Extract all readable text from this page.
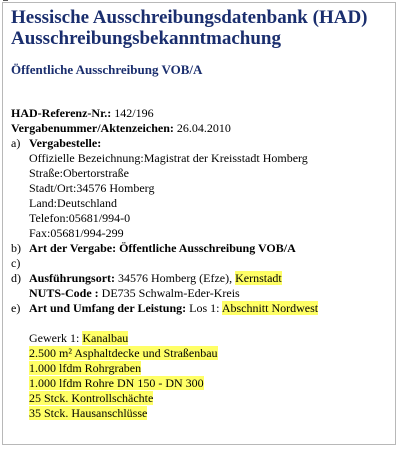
Hessische Ausschreibungsdatenbank (HAD)
Ausschreibungsbekanntmachung
Öffentliche Ausschreibung VOB/A
HAD-Referenz-Nr.: 142/196
Vergabenummer/Aktenzeichen: 26.04.2010
a) Vergabestelle:
Offizielle Bezeichnung:Magistrat der Kreisstadt Homberg
Straße:Obertorstraße
Stadt/Ort:34576 Homberg
Land:Deutschland
Telefon:05681/994-0
Fax:05681/994-299
b) Art der Vergabe: Öffentliche Ausschreibung VOB/A
c)
d) Ausführungsort: 34576 Homberg (Efze), Kernstadt
NUTS-Code : DE735 Schwalm-Eder-Kreis
e) Art und Umfang der Leistung: Los 1: Abschnitt Nordwest
Gewerk 1: Kanalbau
2.500 m² Asphaltdecke und Straßenbau
1.000 lfdm Rohrgraben
1.000 lfdm Rohre DN 150 - DN 300
25 Stck. Kontrollschächte
35 Stck. Hausanschlüsse
